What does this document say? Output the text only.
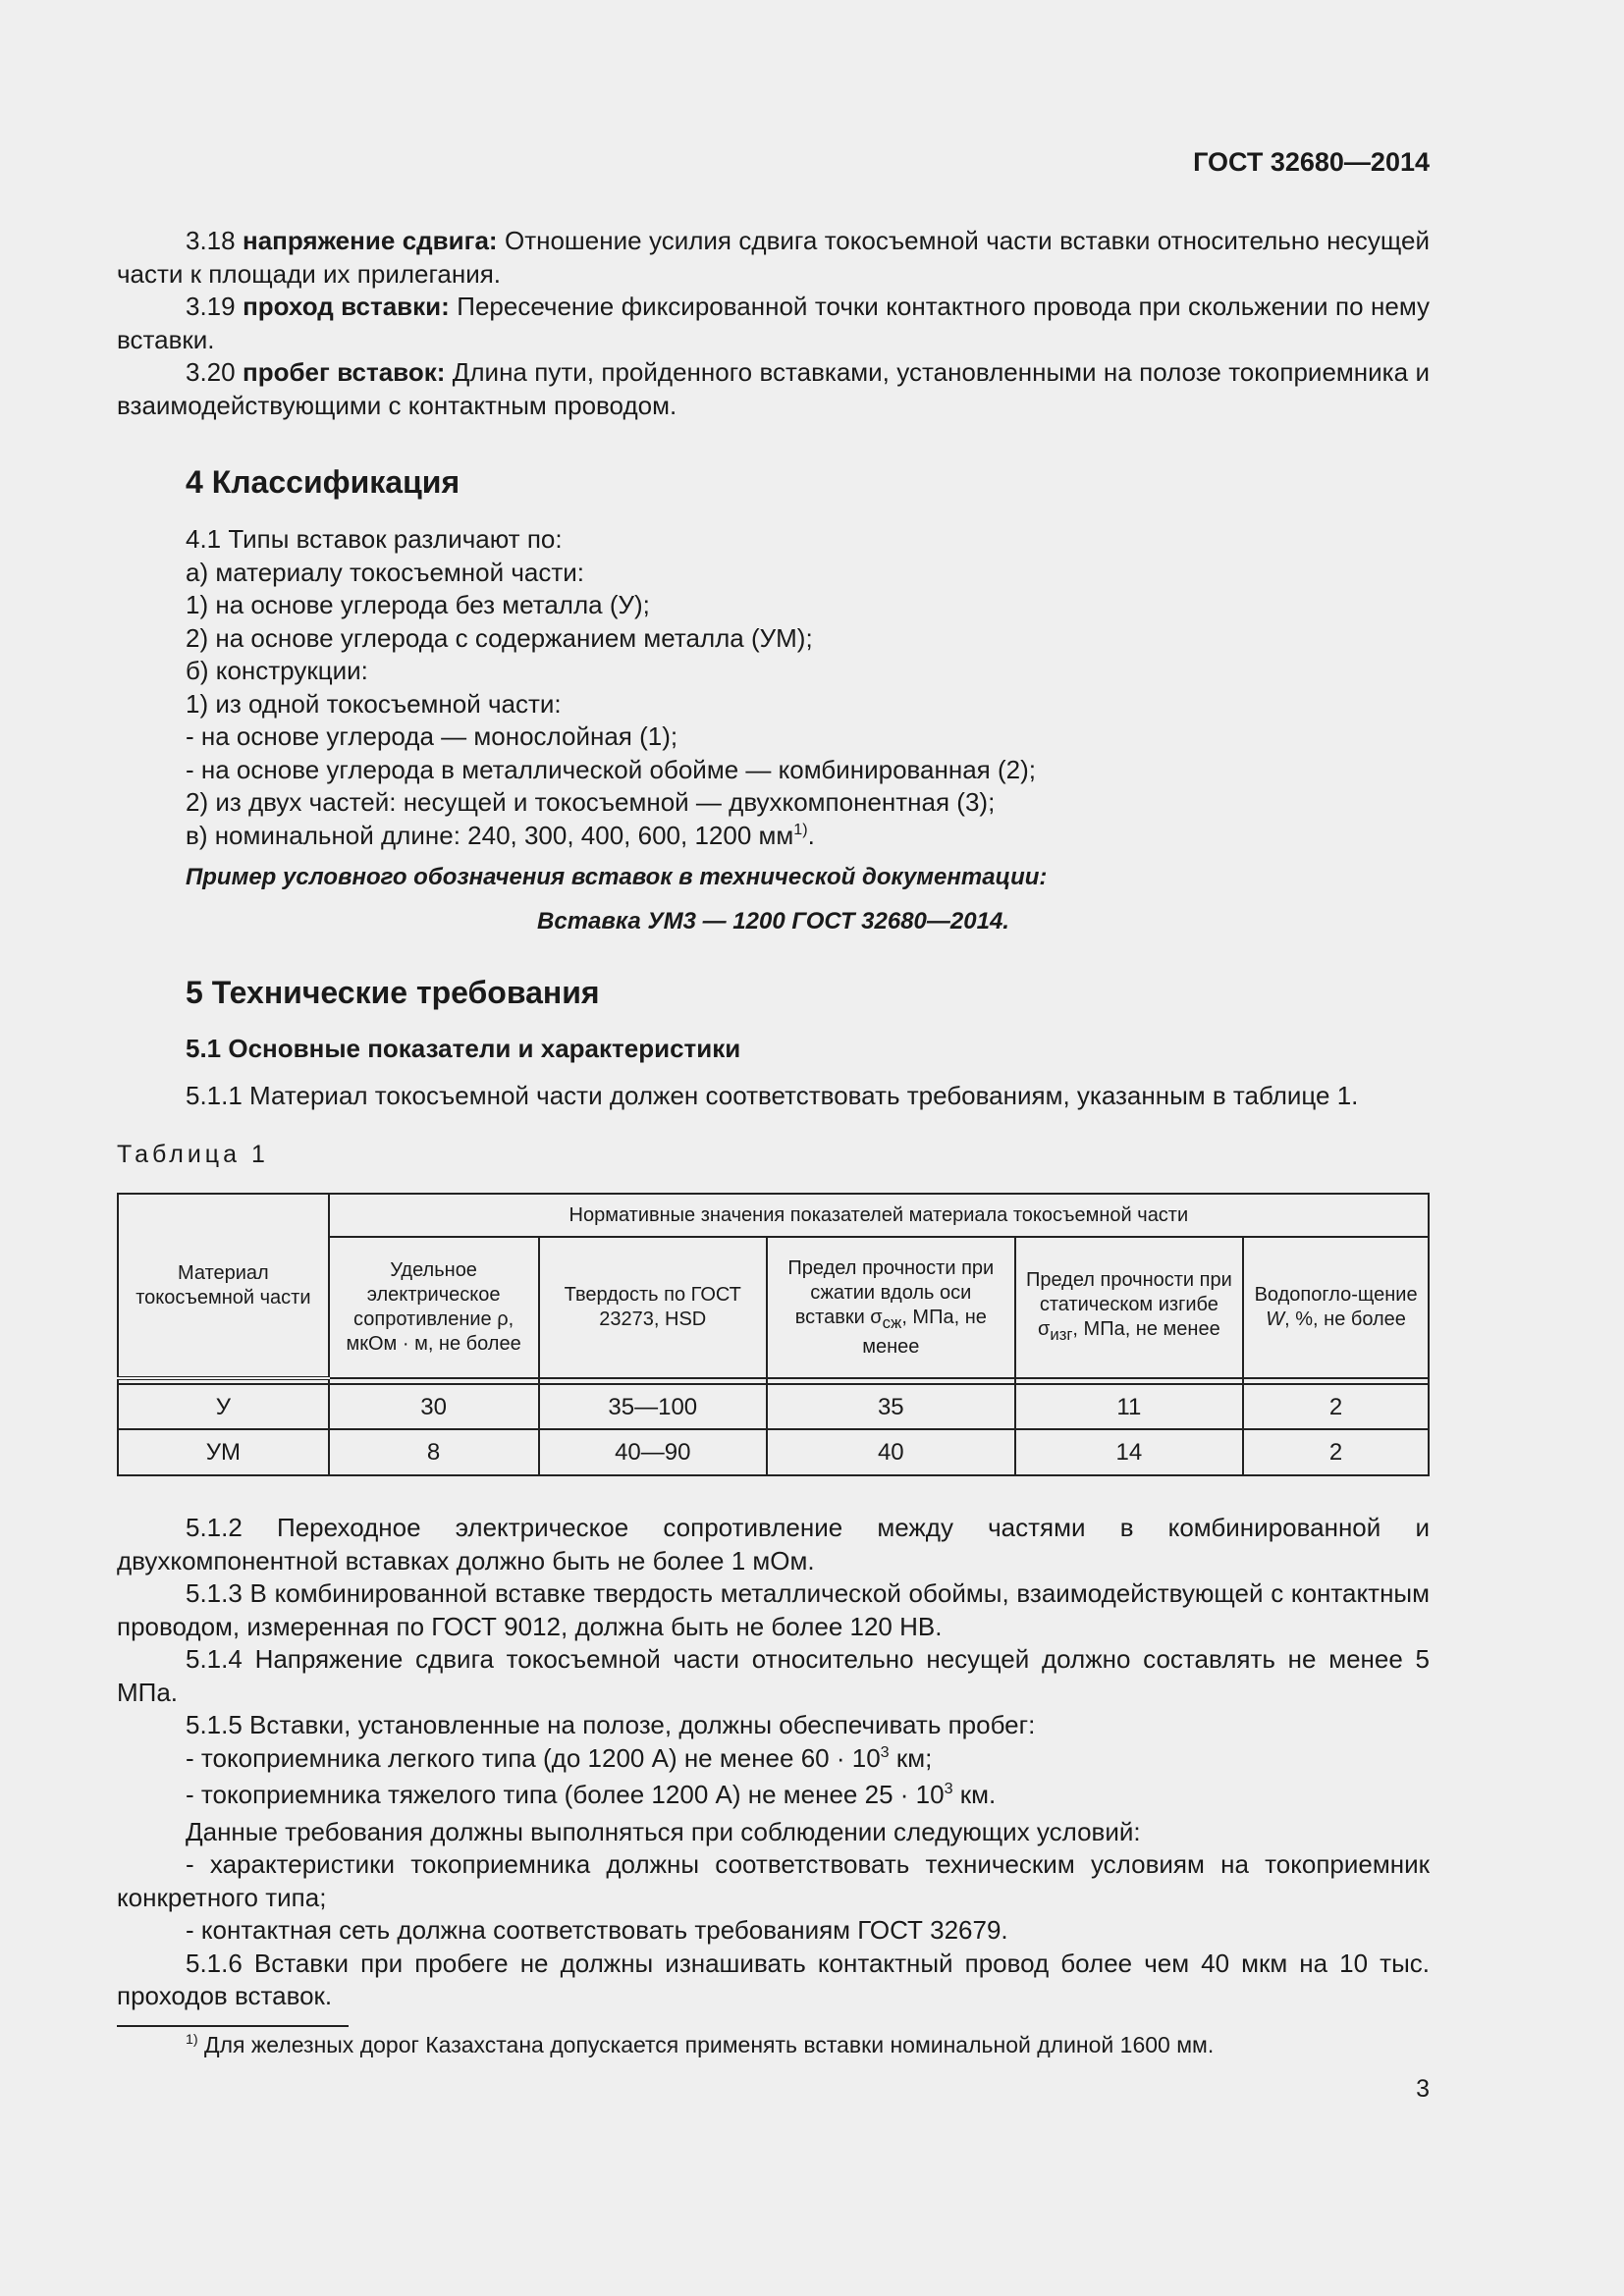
ГОСТ 32680—2014

3.18 напряжение сдвига: Отношение усилия сдвига токосъемной части вставки относительно несущей части к площади их прилегания.

3.19 проход вставки: Пересечение фиксированной точки контактного провода при скольжении по нему вставки.

3.20 пробег вставок: Длина пути, пройденного вставками, установленными на полозе токоприемника и взаимодействующими с контактным проводом.

4 Классификация

4.1 Типы вставок различают по:

а) материалу токосъемной части:

1) на основе углерода без металла (У);

2) на основе углерода с содержанием металла (УМ);

б) конструкции:

1) из одной токосъемной части:

- на основе углерода — монослойная (1);

- на основе углерода в металлической обойме — комбинированная (2);

2) из двух частей: несущей и токосъемной — двухкомпонентная (3);

в) номинальной длине: 240, 300, 400, 600, 1200 $мм^{1)}$.

Пример условного обозначения вставок в технической документации:
Вставка УМ3 — 1200 ГОСТ 32680—2014.
5 Технические требования
5.1 Основные показатели и характеристики

5.1.1 Материал токосъемной части должен соответствовать требованиям, указанным в таблице 1.

Таблица 1
Материал токосъемной части	Нормативные значения показателей материала токосъемной части				
	Удельное электрическое сопротивление ρ, мкОм · м, не более	Твердость по ГОСТ 23273, HSD	Предел прочности при сжатии вдоль оси вставки $\sigma_{сж}$, МПа, не менее	Предел прочности при статическом изгибе $\sigma_{изг}$, МПа, не менее	Водопогло-щение W, %, не более

У	30	35—100	35	11	2
УМ	8	40—90	40	14	2

5.1.2 Переходное электрическое сопротивление между частями в комбинированной и двухкомпонентной вставках должно быть не более 1 мОм.

5.1.3 В комбинированной вставке твердость металлической обоймы, взаимодействующей с контактным проводом, измеренная по ГОСТ 9012, должна быть не более 120 HB.

5.1.4 Напряжение сдвига токосъемной части относительно несущей должно составлять не менее 5 МПа.

5.1.5 Вставки, установленные на полозе, должны обеспечивать пробег:

- токоприемника легкого типа (до 1200 А) не менее $60 \cdot 10^3$ км;

- токоприемника тяжелого типа (более 1200 А) не менее $25 \cdot 10^3$ км.

Данные требования должны выполняться при соблюдении следующих условий:

- характеристики токоприемника должны соответствовать техническим условиям на токоприемник конкретного типа;

- контактная сеть должна соответствовать требованиям ГОСТ 32679.

5.1.6 Вставки при пробеге не должны изнашивать контактный провод более чем 40 мкм на 10 тыс. проходов вставок.

$^{1)}$ Для железных дорог Казахстана допускается применять вставки номинальной длиной 1600 мм.
3
